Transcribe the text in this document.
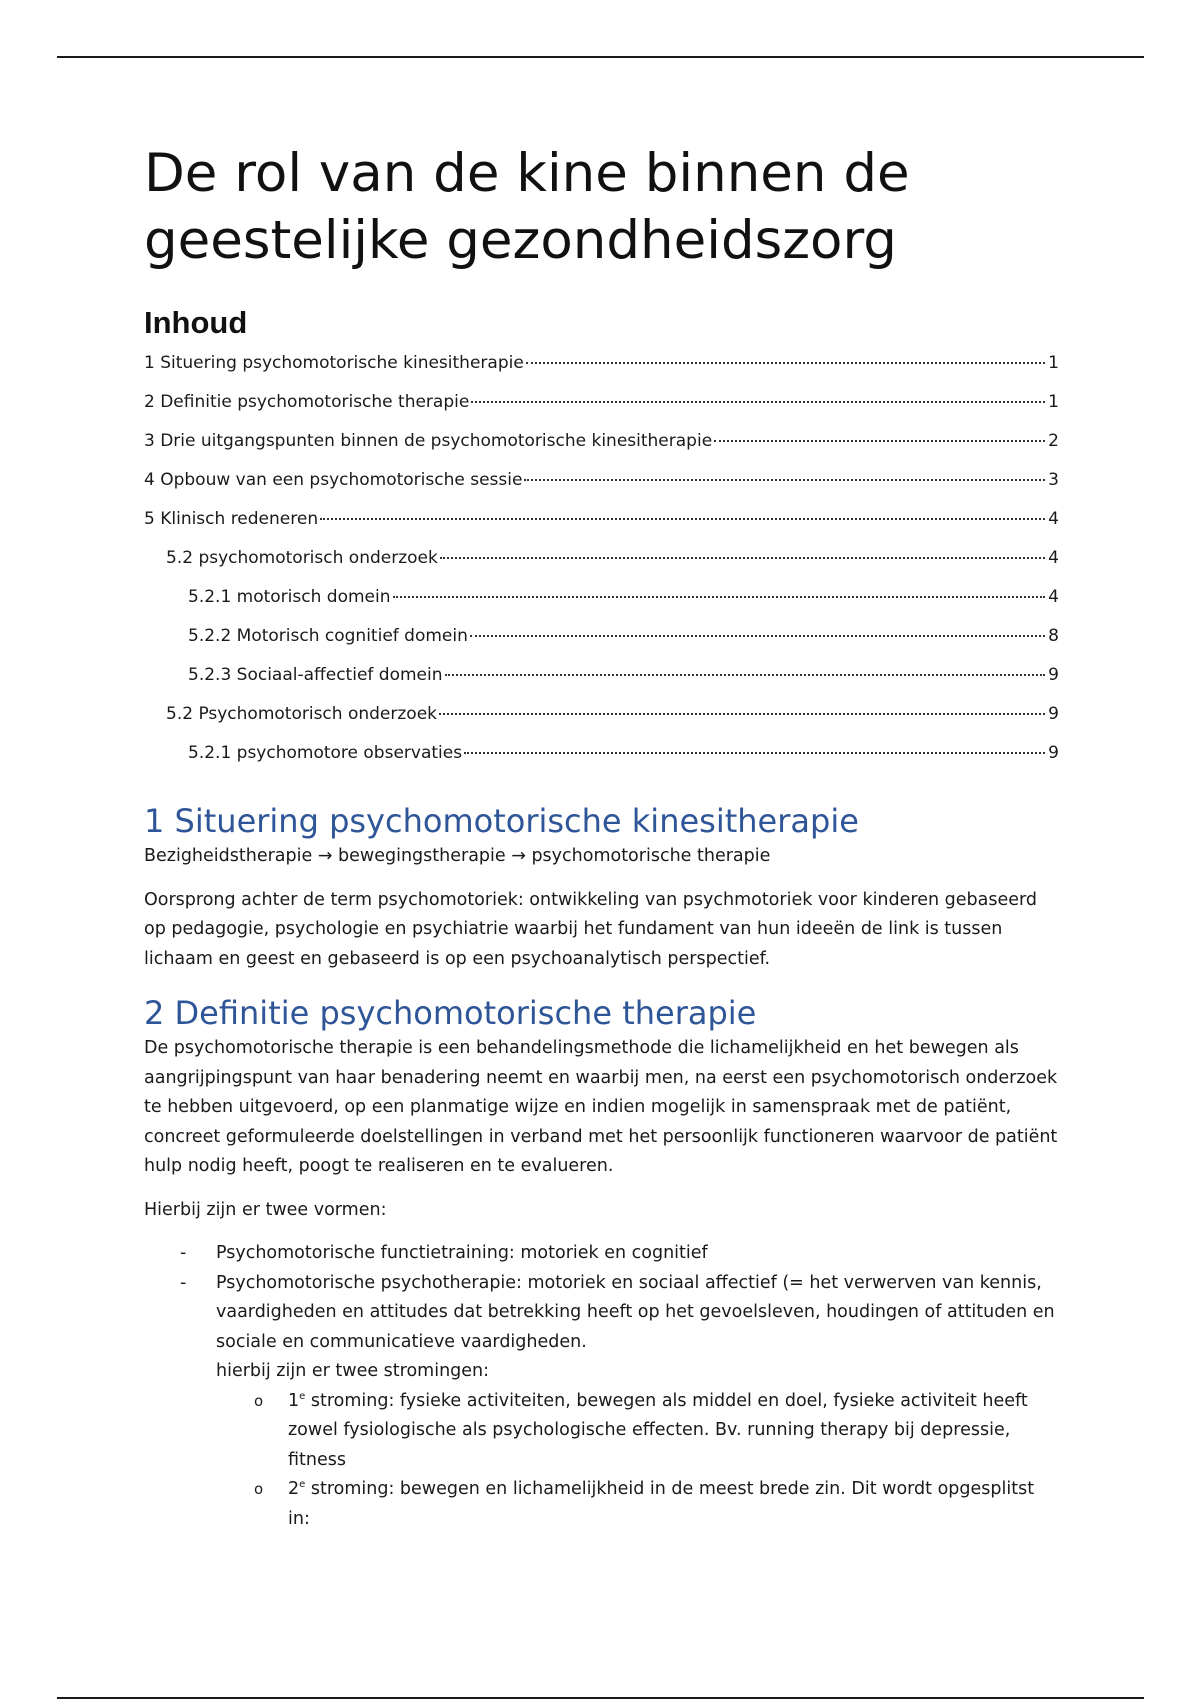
De rol van de kine binnen de
geestelijke gezondheidszorg
Inhoud
1 Situering psychomotorische kinesitherapie	1
2 Definitie psychomotorische therapie	1
3 Drie uitgangspunten binnen de psychomotorische kinesitherapie	2
4 Opbouw van een psychomotorische sessie	3
5 Klinisch redeneren	4
5.2 psychomotorisch onderzoek	4
5.2.1 motorisch domein	4
5.2.2 Motorisch cognitief domein	8
5.2.3 Sociaal-affectief domein	9
5.2 Psychomotorisch onderzoek	9
5.2.1 psychomotore observaties	9
1 Situering psychomotorische kinesitherapie

Bezigheidstherapie → bewegingstherapie → psychomotorische therapie

Oorsprong achter de term psychomotoriek: ontwikkeling van psychmotoriek voor kinderen gebaseerd op pedagogie, psychologie en psychiatrie waarbij het fundament van hun ideeën de link is tussen lichaam en geest en gebaseerd is op een psychoanalytisch perspectief.

2 Definitie psychomotorische therapie

De psychomotorische therapie is een behandelingsmethode die lichamelijkheid en het bewegen als aangrijpingspunt van haar benadering neemt en waarbij men, na eerst een psychomotorisch onderzoek te hebben uitgevoerd, op een planmatige wijze en indien mogelijk in samenspraak met de patiënt, concreet geformuleerde doelstellingen in verband met het persoonlijk functioneren waarvoor de patiënt hulp nodig heeft, poogt te realiseren en te evalueren.

Hierbij zijn er twee vormen:

- Psychomotorische functietraining: motoriek en cognitief
- Psychomotorische psychotherapie: motoriek en sociaal affectief (= het verwerven van kennis, vaardigheden en attitudes dat betrekking heeft op het gevoelsleven, houdingen of attituden en sociale en communicatieve vaardigheden.
hierbij zijn er twee stromingen:
o 1e stroming: fysieke activiteiten, bewegen als middel en doel, fysieke activiteit heeft zowel fysiologische als psychologische effecten. Bv. running therapy bij depressie, fitness
o 2e stroming: bewegen en lichamelijkheid in de meest brede zin. Dit wordt opgesplitst in:
